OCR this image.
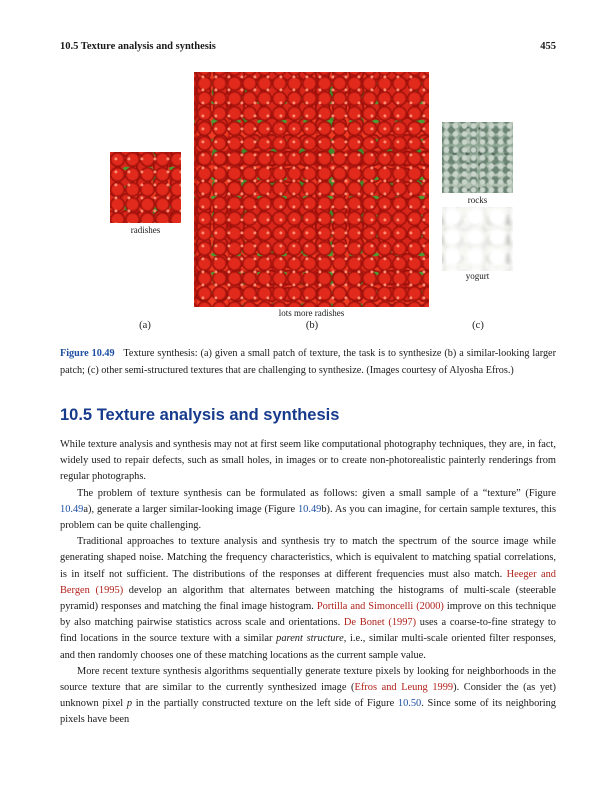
10.5 Texture analysis and synthesis	455
radishes
lots more radishes
rocks
yogurt
(a)	(b)	(c)
Figure 10.49 Texture synthesis: (a) given a small patch of texture, the task is to synthesize (b) a similar-looking larger patch; (c) other semi-structured textures that are challenging to synthesize. (Images courtesy of Alyosha Efros.)
10.5 Texture analysis and synthesis

While texture analysis and synthesis may not at first seem like computational photography techniques, they are, in fact, widely used to repair defects, such as small holes, in images or to create non-photorealistic painterly renderings from regular photographs.

The problem of texture synthesis can be formulated as follows: given a small sample of a “texture” (Figure 10.49a), generate a larger similar-looking image (Figure 10.49b). As you can imagine, for certain sample textures, this problem can be quite challenging.

Traditional approaches to texture analysis and synthesis try to match the spectrum of the source image while generating shaped noise. Matching the frequency characteristics, which is equivalent to matching spatial correlations, is in itself not sufficient. The distributions of the responses at different frequencies must also match. Heeger and Bergen (1995) develop an algorithm that alternates between matching the histograms of multi-scale (steerable pyramid) responses and matching the final image histogram. Portilla and Simoncelli (2000) improve on this technique by also matching pairwise statistics across scale and orientations. De Bonet (1997) uses a coarse-to-fine strategy to find locations in the source texture with a similar parent structure, i.e., similar multi-scale oriented filter responses, and then randomly chooses one of these matching locations as the current sample value.

More recent texture synthesis algorithms sequentially generate texture pixels by looking for neighborhoods in the source texture that are similar to the currently synthesized image (Efros and Leung 1999). Consider the (as yet) unknown pixel p in the partially constructed texture on the left side of Figure 10.50. Since some of its neighboring pixels have been
